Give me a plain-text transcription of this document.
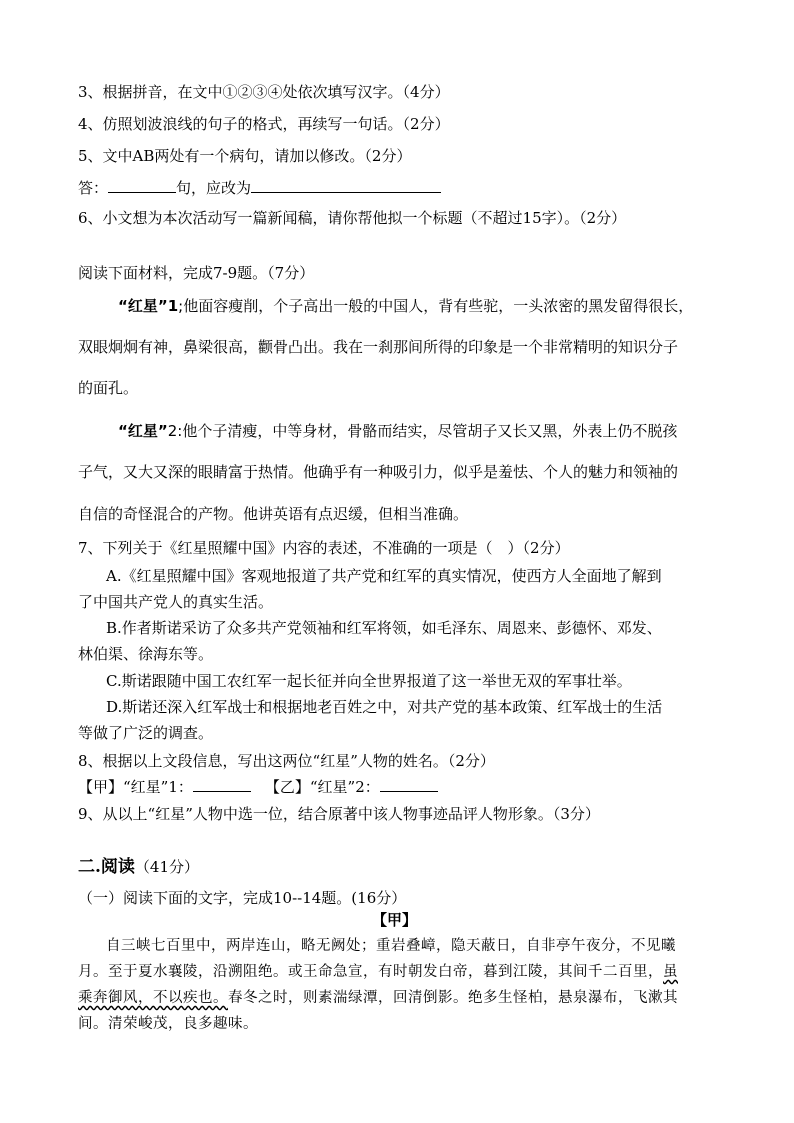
3、根据拼音，在文中①②③④处依次填写汉字。（4分）
4、仿照划波浪线的句子的格式，再续写一句话。（2分）
5、文中AB两处有一个病句，请加以修改。（2分）
答：	句，应改为
6、小文想为本次活动写一篇新闻稿，请你帮他拟一个标题（不超过15字）。（2分）
阅读下面材料，完成7-9题。（7分）
“红星”1;他面容瘦削，个子高出一般的中国人，背有些驼，一头浓密的黑发留得很长，
双眼炯炯有神，鼻梁很高，颧骨凸出。我在一刹那间所得的印象是一个非常精明的知识分子
的面孔。
“红星”2:他个子清瘦，中等身材，骨骼而结实，尽管胡子又长又黑，外表上仍不脱孩
子气，又大又深的眼睛富于热情。他确乎有一种吸引力，似乎是羞怯、个人的魅力和领袖的
自信的奇怪混合的产物。他讲英语有点迟缓，但相当准确。
7、下列关于《红星照耀中国》内容的表述，不准确的一项是（　）（2分）
A.《红星照耀中国》客观地报道了共产党和红军的真实情况，使西方人全面地了解到
了中国共产党人的真实生活。
B.作者斯诺采访了众多共产党领袖和红军将领，如毛泽东、周恩来、彭德怀、邓发、
林伯渠、徐海东等。
C.斯诺跟随中国工农红军一起长征并向全世界报道了这一举世无双的军事壮举。
D.斯诺还深入红军战士和根据地老百姓之中，对共产党的基本政策、红军战士的生活
等做了广泛的调查。
8、根据以上文段信息，写出这两位“红星”人物的姓名。（2分）
【甲】“红星”1：	【乙】“红星”2：
9、从以上“红星”人物中选一位，结合原著中该人物事迹品评人物形象。（3分）
二.阅读（41分）
（一）阅读下面的文字，完成10--14题。(16分）
【甲】
自三峡七百里中，两岸连山，略无阙处；重岩叠嶂，隐天蔽日，自非亭午夜分，不见曦
月。至于夏水襄陵，沿溯阻绝。或王命急宣，有时朝发白帝，暮到江陵，其间千二百里，虽
乘奔御风，不以疾也。春冬之时，则素湍绿潭，回清倒影。绝多生怪柏，悬泉瀑布，飞漱其
间。清荣峻茂，良多趣味。
